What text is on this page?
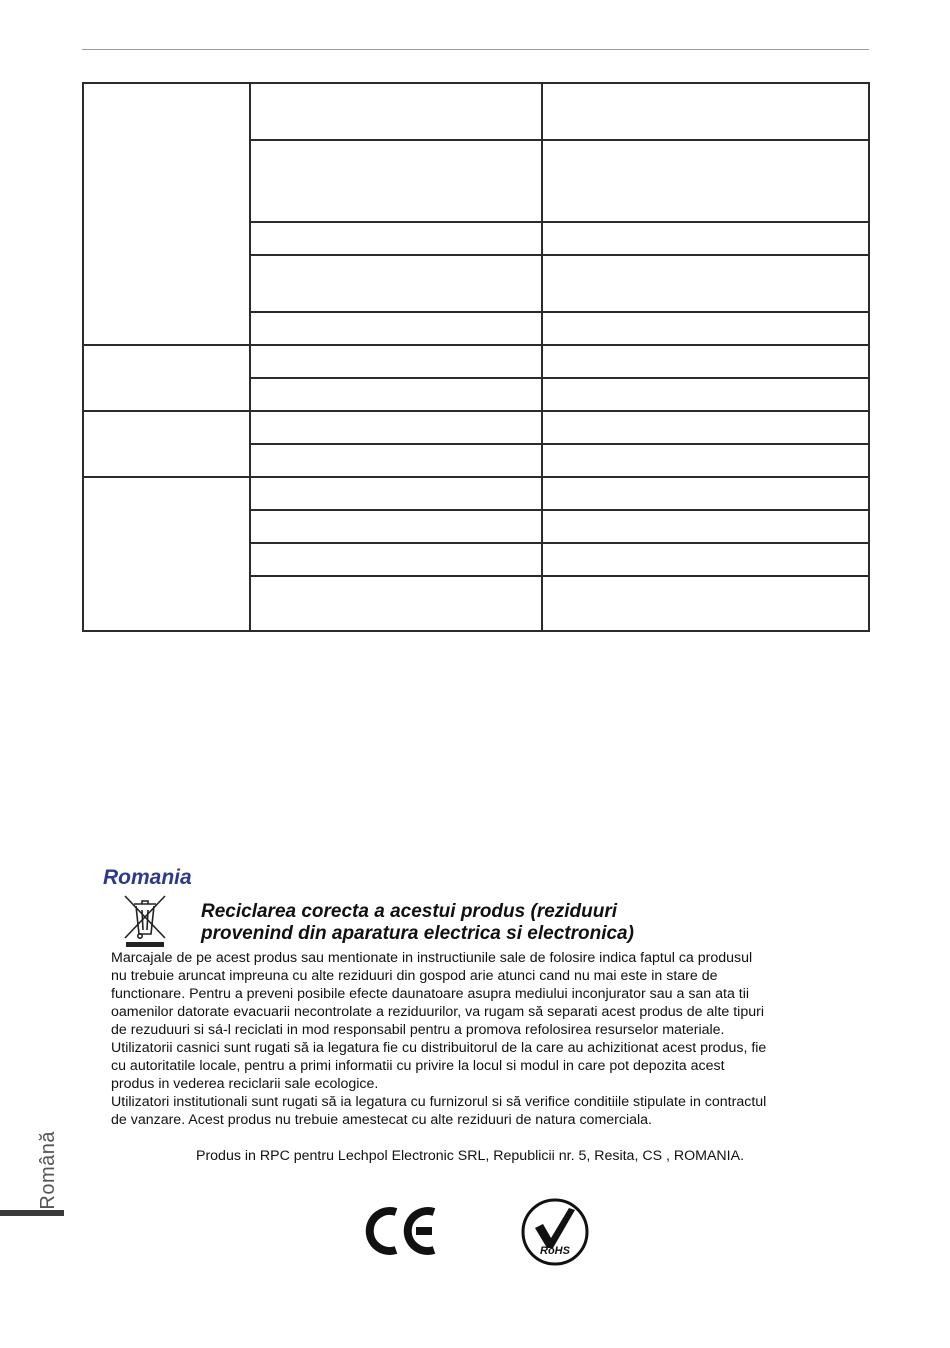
Romania
Reciclarea corecta a acestui produs (reziduuri
provenind din aparatura electrica si electronica)
Marcajale de pe acest produs sau mentionate in instructiunile sale de folosire indica faptul ca produsul
nu trebuie aruncat impreuna cu alte reziduuri din gospod arie atunci cand nu mai este in stare de
functionare. Pentru a preveni posibile efecte daunatoare asupra mediului inconjurator sau a san ata tii
oamenilor datorate evacuarii necontrolate a reziduurilor, va rugam să separati acest produs de alte tipuri
de rezuduuri si sá-l reciclati in mod responsabil pentru a promova refolosirea resurselor materiale.
Utilizatorii casnici sunt rugati să ia legatura fie cu distribuitorul de la care au achizitionat acest produs, fie
cu autoritatile locale, pentru a primi informatii cu privire la locul si modul in care pot depozita acest
produs in vederea reciclarii sale ecologice.
Utilizatori institutionali sunt rugati să ia legatura cu furnizorul si să verifice conditiile stipulate in contractul
de vanzare. Acest produs nu trebuie amestecat cu alte reziduuri de natura comerciala.
Produs in RPC pentru Lechpol Electronic SRL, Republicii nr. 5, Resita, CS , ROMANIA.
RoHS
Română
